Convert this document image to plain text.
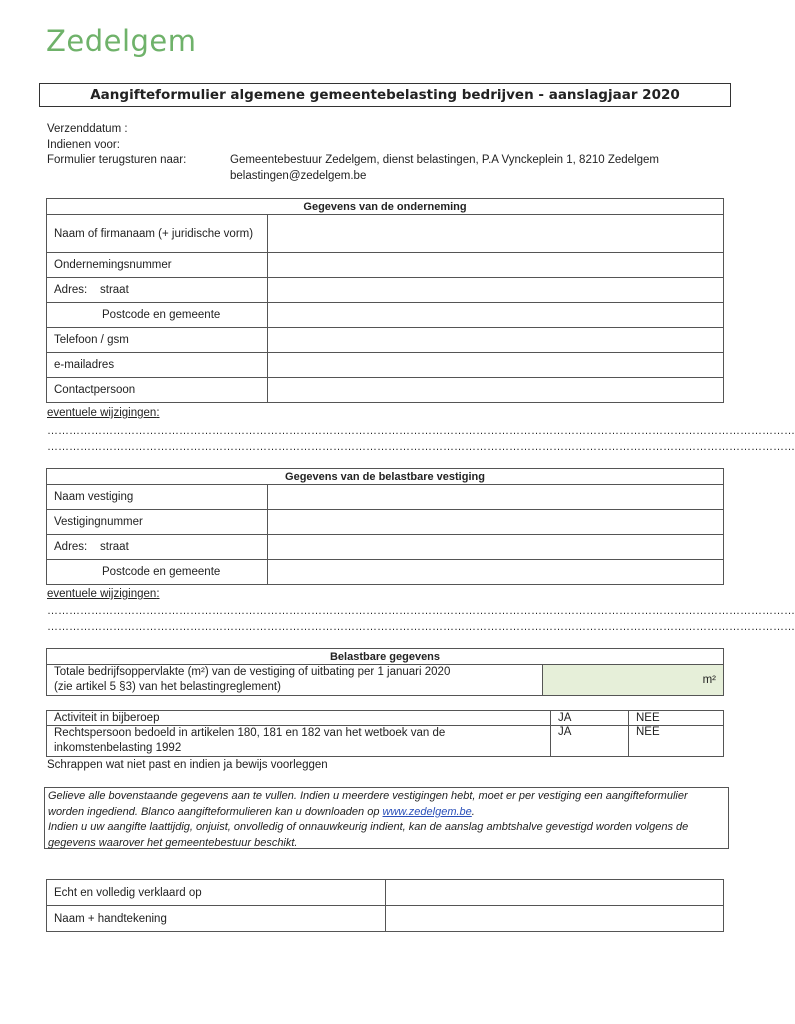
Zedelgem
Aangifteformulier algemene gemeentebelasting bedrijven - aanslagjaar 2020
Verzenddatum :
Indienen voor:
Formulier terugsturen naar:	Gemeentebestuur Zedelgem, dienst belastingen, P.A Vynckeplein 1, 8210 Zedelgem
belastingen@zedelgem.be
Gegevens van de onderneming	
Naam of firmanaam (+ juridische vorm)	
Ondernemingsnummer	
Adres:    straat	
Postcode en gemeente	
Telefoon / gsm	
e-mailadres	
Contactpersoon	
eventuele wijzigingen:
……………………………………………………………………………………………………………………………………………………………………………………
……………………………………………………………………………………………………………………………………………………………………………………
Gegevens van de belastbare vestiging	
Naam vestiging	
Vestigingnummer	
Adres:    straat	
Postcode en gemeente	
eventuele wijzigingen:
……………………………………………………………………………………………………………………………………………………………………………………
……………………………………………………………………………………………………………………………………………………………………………………
Belastbare gegevens

Totale bedrijfsoppervlakte (m²) van de vestiging of uitbating per 1 januari 2020
(zie artikel 5 §3) van het belastingreglement)
	m²
Activiteit in bijberoep	JA	NEE
Rechtspersoon bedoeld in artikelen 180, 181 en 182 van het wetboek van de inkomstenbelasting 1992	JA	NEE
Schrappen wat niet past en indien ja bewijs voorleggen
Gelieve alle bovenstaande gegevens aan te vullen. Indien u meerdere vestigingen hebt, moet er per vestiging een aangifteformulier worden ingediend. Blanco aangifteformulieren kan u downloaden op www.zedelgem.be.
Indien u uw aangifte laattijdig, onjuist, onvolledig of onnauwkeurig indient, kan de aanslag ambtshalve gevestigd worden volgens de gegevens waarover het gemeentebestuur beschikt.
Echt en volledig verklaard op	
Naam + handtekening	
